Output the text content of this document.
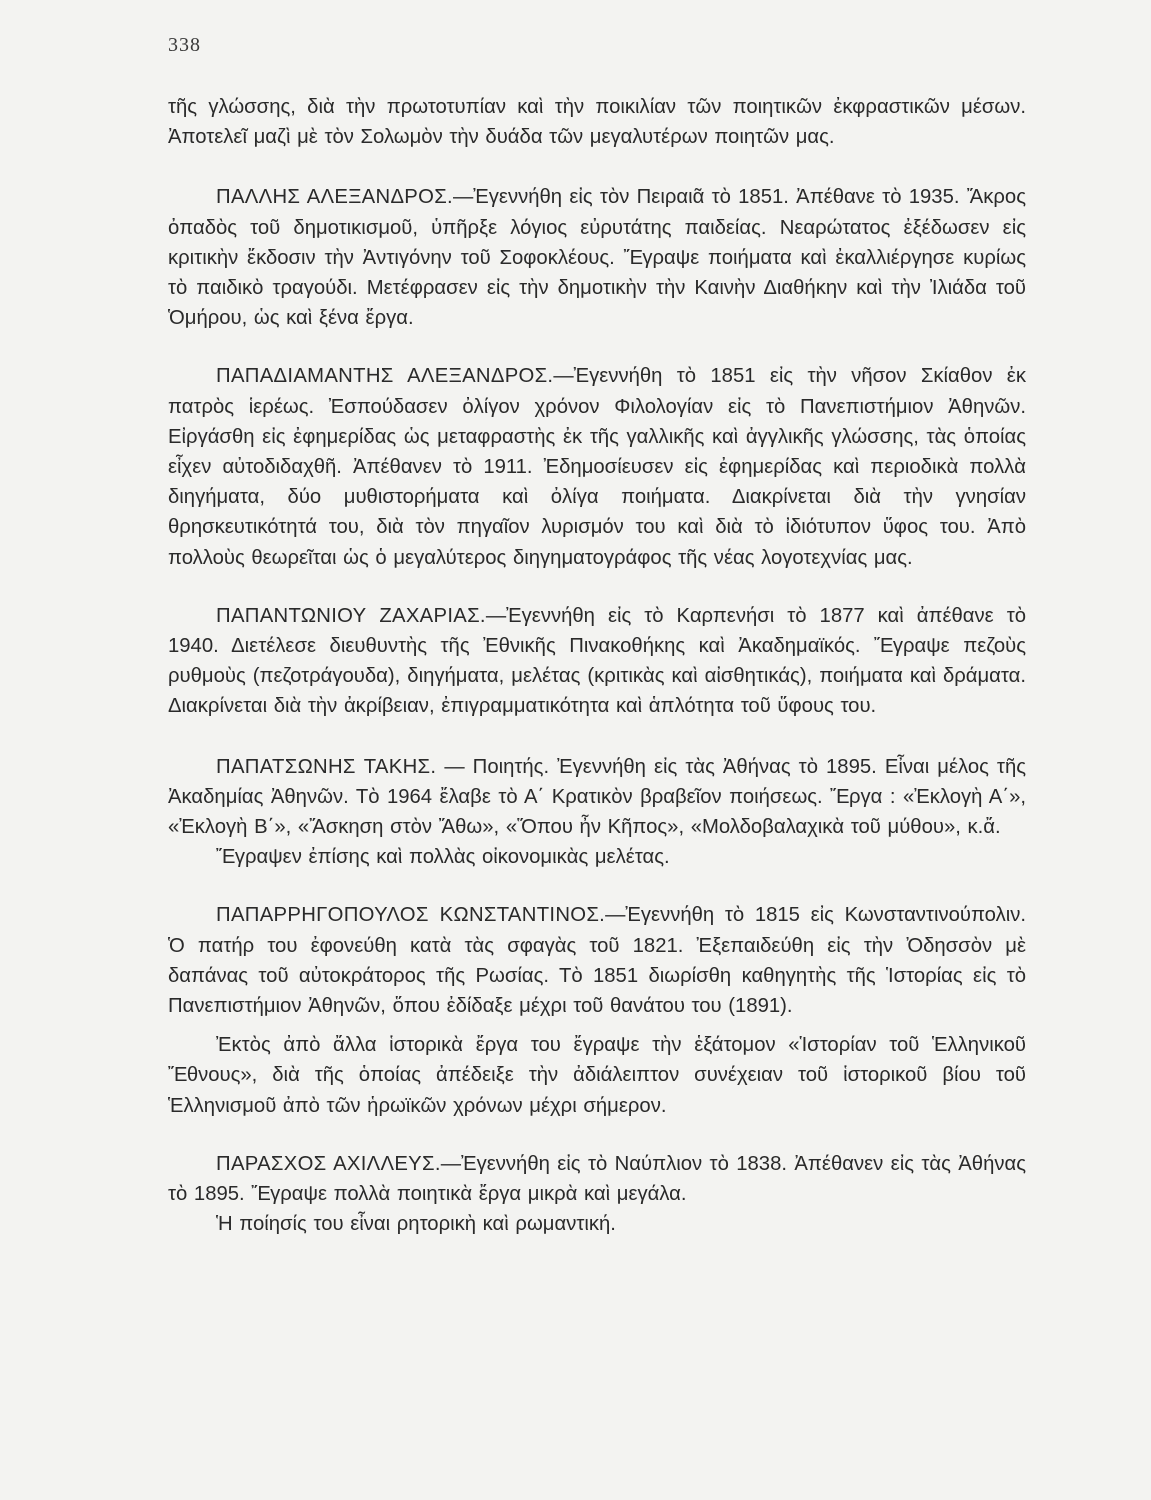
338

τῆς γλώσσης, διὰ τὴν πρωτοτυπίαν καὶ τὴν ποικιλίαν τῶν ποιητικῶν ἐκφραστικῶν μέσων. Ἀποτελεῖ μαζὶ μὲ τὸν Σολωμὸν τὴν δυάδα τῶν μεγαλυτέρων ποιητῶν μας.

ΠΑΛΛΗΣ ΑΛΕΞΑΝΔΡΟΣ.—Ἐγεννήθη εἰς τὸν Πειραιᾶ τὸ 1851. Ἀπέθανε τὸ 1935. Ἄκρος ὀπαδὸς τοῦ δημοτικισμοῦ, ὑπῆρξε λόγιος εὐρυτάτης παιδείας. Νεαρώτατος ἐξέδωσεν εἰς κριτικὴν ἔκδοσιν τὴν Ἀντιγόνην τοῦ Σοφοκλέους. Ἔγραψε ποιήματα καὶ ἐκαλλιέργησε κυρίως τὸ παιδικὸ τραγούδι. Μετέφρασεν εἰς τὴν δημοτικὴν τὴν Καινὴν Διαθήκην καὶ τὴν Ἰλιάδα τοῦ Ὁμήρου, ὡς καὶ ξένα ἔργα.

ΠΑΠΑΔΙΑΜΑΝΤΗΣ ΑΛΕΞΑΝΔΡΟΣ.—Ἐγεννήθη τὸ 1851 εἰς τὴν νῆσον Σκίαθον ἐκ πατρὸς ἱερέως. Ἐσπούδασεν ὀλίγον χρόνον Φιλολογίαν εἰς τὸ Πανεπιστήμιον Ἀθηνῶν. Εἰργάσθη εἰς ἐφημερίδας ὡς μεταφραστὴς ἐκ τῆς γαλλικῆς καὶ ἀγγλικῆς γλώσσης, τὰς ὁποίας εἶχεν αὐτοδιδαχθῆ. Ἀπέθανεν τὸ 1911. Ἐδημοσίευσεν εἰς ἐφημερίδας καὶ περιοδικὰ πολλὰ διηγήματα, δύο μυθιστορήματα καὶ ὀλίγα ποιήματα. Διακρίνεται διὰ τὴν γνησίαν θρησκευτικότητά του, διὰ τὸν πηγαῖον λυρισμόν του καὶ διὰ τὸ ἰδιότυπον ὕφος του. Ἀπὸ πολλοὺς θεωρεῖται ὡς ὁ μεγαλύτερος διηγηματογράφος τῆς νέας λογοτεχνίας μας.

ΠΑΠΑΝΤΩΝΙΟΥ ΖΑΧΑΡΙΑΣ.—Ἐγεννήθη εἰς τὸ Καρπενήσι τὸ 1877 καὶ ἀπέθανε τὸ 1940. Διετέλεσε διευθυντὴς τῆς Ἐθνικῆς Πινακοθήκης καὶ Ἀκαδημαϊκός. Ἔγραψε πεζοὺς ρυθμοὺς (πεζοτράγουδα), διηγήματα, μελέτας (κριτικὰς καὶ αἰσθητικάς), ποιήματα καὶ δράματα. Διακρίνεται διὰ τὴν ἀκρίβειαν, ἐπιγραμματικότητα καὶ ἁπλότητα τοῦ ὕφους του.

ΠΑΠΑΤΣΩΝΗΣ ΤΑΚΗΣ. — Ποιητής. Ἐγεννήθη εἰς τὰς Ἀθήνας τὸ 1895. Εἶναι μέλος τῆς Ἀκαδημίας Ἀθηνῶν. Τὸ 1964 ἔλαβε τὸ Α΄ Κρατικὸν βραβεῖον ποιήσεως. Ἔργα : «Ἐκλογὴ Α΄», «Ἐκλογὴ Β΄», «Ἄσκηση στὸν Ἄθω», «Ὅπου ἦν Κῆπος», «Μολδοβαλαχικὰ τοῦ μύθου», κ.ἄ.

Ἔγραψεν ἐπίσης καὶ πολλὰς οἰκονομικὰς μελέτας.

ΠΑΠΑΡΡΗΓΟΠΟΥΛΟΣ ΚΩΝΣΤΑΝΤΙΝΟΣ.—Ἐγεννήθη τὸ 1815 εἰς Κωνσταντινούπολιν. Ὁ πατήρ του ἐφονεύθη κατὰ τὰς σφαγὰς τοῦ 1821. Ἐξεπαιδεύθη εἰς τὴν Ὀδησσὸν μὲ δαπάνας τοῦ αὐτοκράτορος τῆς Ρωσίας. Τὸ 1851 διωρίσθη καθηγητὴς τῆς Ἱστορίας εἰς τὸ Πανεπιστήμιον Ἀθηνῶν, ὅπου ἐδίδαξε μέχρι τοῦ θανάτου του (1891).

Ἐκτὸς ἀπὸ ἄλλα ἱστορικὰ ἔργα του ἔγραψε τὴν ἑξάτομον «Ἱστορίαν τοῦ Ἑλληνικοῦ Ἔθνους», διὰ τῆς ὁποίας ἀπέδειξε τὴν ἀδιάλειπτον συνέχειαν τοῦ ἱστορικοῦ βίου τοῦ Ἑλληνισμοῦ ἀπὸ τῶν ἡρωϊκῶν χρόνων μέχρι σήμερον.

ΠΑΡΑΣΧΟΣ ΑΧΙΛΛΕΥΣ.—Ἐγεννήθη εἰς τὸ Ναύπλιον τὸ 1838. Ἀπέθανεν εἰς τὰς Ἀθήνας τὸ 1895. Ἔγραψε πολλὰ ποιητικὰ ἔργα μικρὰ καὶ μεγάλα.

Ἡ ποίησίς του εἶναι ρητορικὴ καὶ ρωμαντική.
